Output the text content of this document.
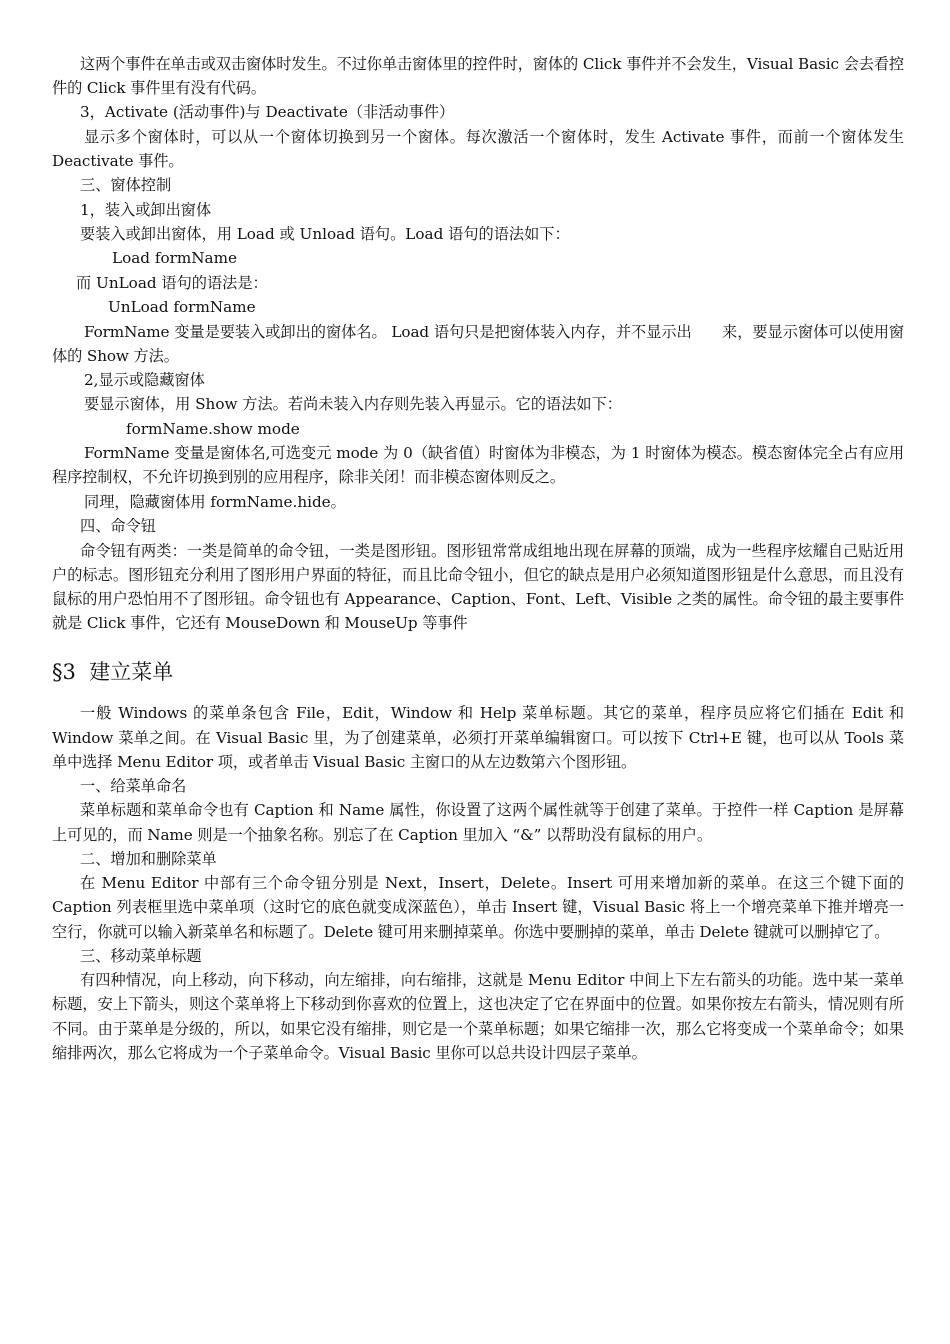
这两个事件在单击或双击窗体时发生。不过你单击窗体里的控件时，窗体的 Click 事件并不会发生，Visual Basic 会去看控件的 Click 事件里有没有代码。

3，Activate (活动事件)与 Deactivate（非活动事件）

显示多个窗体时，可以从一个窗体切换到另一个窗体。每次激活一个窗体时，发生 Activate 事件，而前一个窗体发生 Deactivate 事件。

三、窗体控制

1，装入或卸出窗体

要装入或卸出窗体，用 Load 或 Unload 语句。Load 语句的语法如下：

Load formName

而 UnLoad 语句的语法是：

UnLoad formName

FormName 变量是要装入或卸出的窗体名。 Load 语句只是把窗体装入内存，并不显示出　　来，要显示窗体可以使用窗体的 Show 方法。

2,显示或隐藏窗体

要显示窗体，用 Show 方法。若尚未装入内存则先装入再显示。它的语法如下：

formName.show mode

FormName 变量是窗体名,可选变元 mode 为 0（缺省值）时窗体为非模态，为 1 时窗体为模态。模态窗体完全占有应用程序控制权，不允许切换到别的应用程序，除非关闭！而非模态窗体则反之。

同理，隐藏窗体用 formName.hide。

四、命令钮

命令钮有两类：一类是简单的命令钮，一类是图形钮。图形钮常常成组地出现在屏幕的顶端，成为一些程序炫耀自己贴近用户的标志。图形钮充分利用了图形用户界面的特征，而且比命令钮小，但它的缺点是用户必须知道图形钮是什么意思，而且没有鼠标的用户恐怕用不了图形钮。命令钮也有 Appearance、Caption、Font、Left、Visible 之类的属性。命令钮的最主要事件就是 Click 事件，它还有 MouseDown 和 MouseUp 等事件

§3  建立菜单

一般 Windows 的菜单条包含 File，Edit，Window 和 Help 菜单标题。其它的菜单，程序员应将它们插在 Edit 和 Window 菜单之间。在 Visual Basic 里，为了创建菜单，必须打开菜单编辑窗口。可以按下 Ctrl+E 键，也可以从 Tools 菜单中选择 Menu Editor 项，或者单击 Visual Basic 主窗口的从左边数第六个图形钮。

一、给菜单命名

菜单标题和菜单命令也有 Caption 和 Name 属性，你设置了这两个属性就等于创建了菜单。于控件一样 Caption 是屏幕上可见的，而 Name 则是一个抽象名称。别忘了在 Caption 里加入 “&” 以帮助没有鼠标的用户。

二、增加和删除菜单

在 Menu Editor 中部有三个命令钮分别是 Next，Insert，Delete。Insert 可用来增加新的菜单。在这三个键下面的 Caption 列表框里选中菜单项（这时它的底色就变成深蓝色），单击 Insert 键，Visual Basic 将上一个增亮菜单下推并增亮一空行，你就可以输入新菜单名和标题了。Delete 键可用来删掉菜单。你选中要删掉的菜单，单击 Delete 键就可以删掉它了。

三、移动菜单标题

有四种情况，向上移动，向下移动，向左缩排，向右缩排，这就是 Menu Editor 中间上下左右箭头的功能。选中某一菜单标题，安上下箭头，则这个菜单将上下移动到你喜欢的位置上，这也决定了它在界面中的位置。如果你按左右箭头，情况则有所不同。由于菜单是分级的，所以，如果它没有缩排，则它是一个菜单标题；如果它缩排一次，那么它将变成一个菜单命令；如果缩排两次，那么它将成为一个子菜单命令。Visual Basic 里你可以总共设计四层子菜单。
